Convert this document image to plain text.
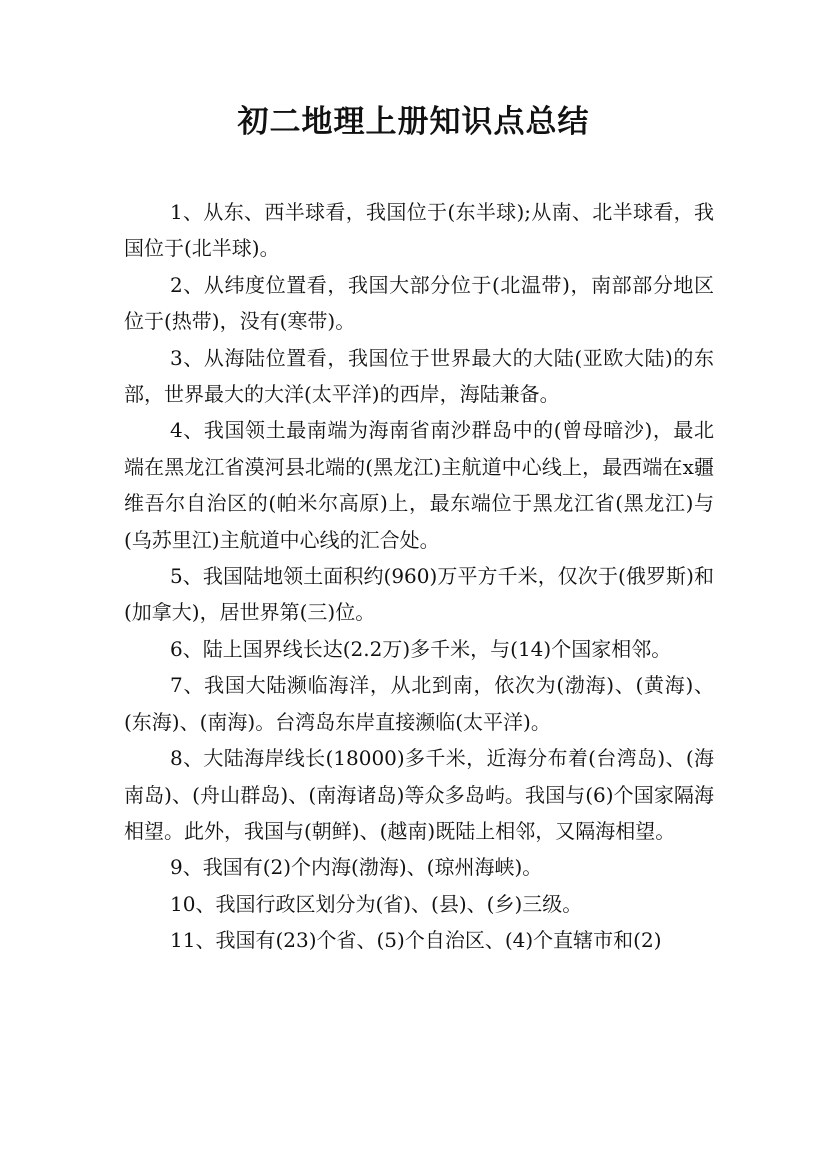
初二地理上册知识点总结

1、从东、西半球看，我国位于(东半球);从南、北半球看，我国位于(北半球)。

2、从纬度位置看，我国大部分位于(北温带)，南部部分地区位于(热带)，没有(寒带)。

3、从海陆位置看，我国位于世界最大的大陆(亚欧大陆)的东部，世界最大的大洋(太平洋)的西岸，海陆兼备。

4、我国领土最南端为海南省南沙群岛中的(曾母暗沙)，最北端在黑龙江省漠河县北端的(黑龙江)主航道中心线上，最西端在x疆维吾尔自治区的(帕米尔高原)上，最东端位于黑龙江省(黑龙江)与(乌苏里江)主航道中心线的汇合处。

5、我国陆地领土面积约(960)万平方千米，仅次于(俄罗斯)和(加拿大)，居世界第(三)位。

6、陆上国界线长达(2.2万)多千米，与(14)个国家相邻。

7、我国大陆濒临海洋，从北到南，依次为(渤海)、(黄海)、(东海)、(南海)。台湾岛东岸直接濒临(太平洋)。

8、大陆海岸线长(18000)多千米，近海分布着(台湾岛)、(海南岛)、(舟山群岛)、(南海诸岛)等众多岛屿。我国与(6)个国家隔海相望。此外，我国与(朝鲜)、(越南)既陆上相邻，又隔海相望。

9、我国有(2)个内海(渤海)、(琼州海峡)。

10、我国行政区划分为(省)、(县)、(乡)三级。

11、我国有(23)个省、(5)个自治区、(4)个直辖市和(2)
